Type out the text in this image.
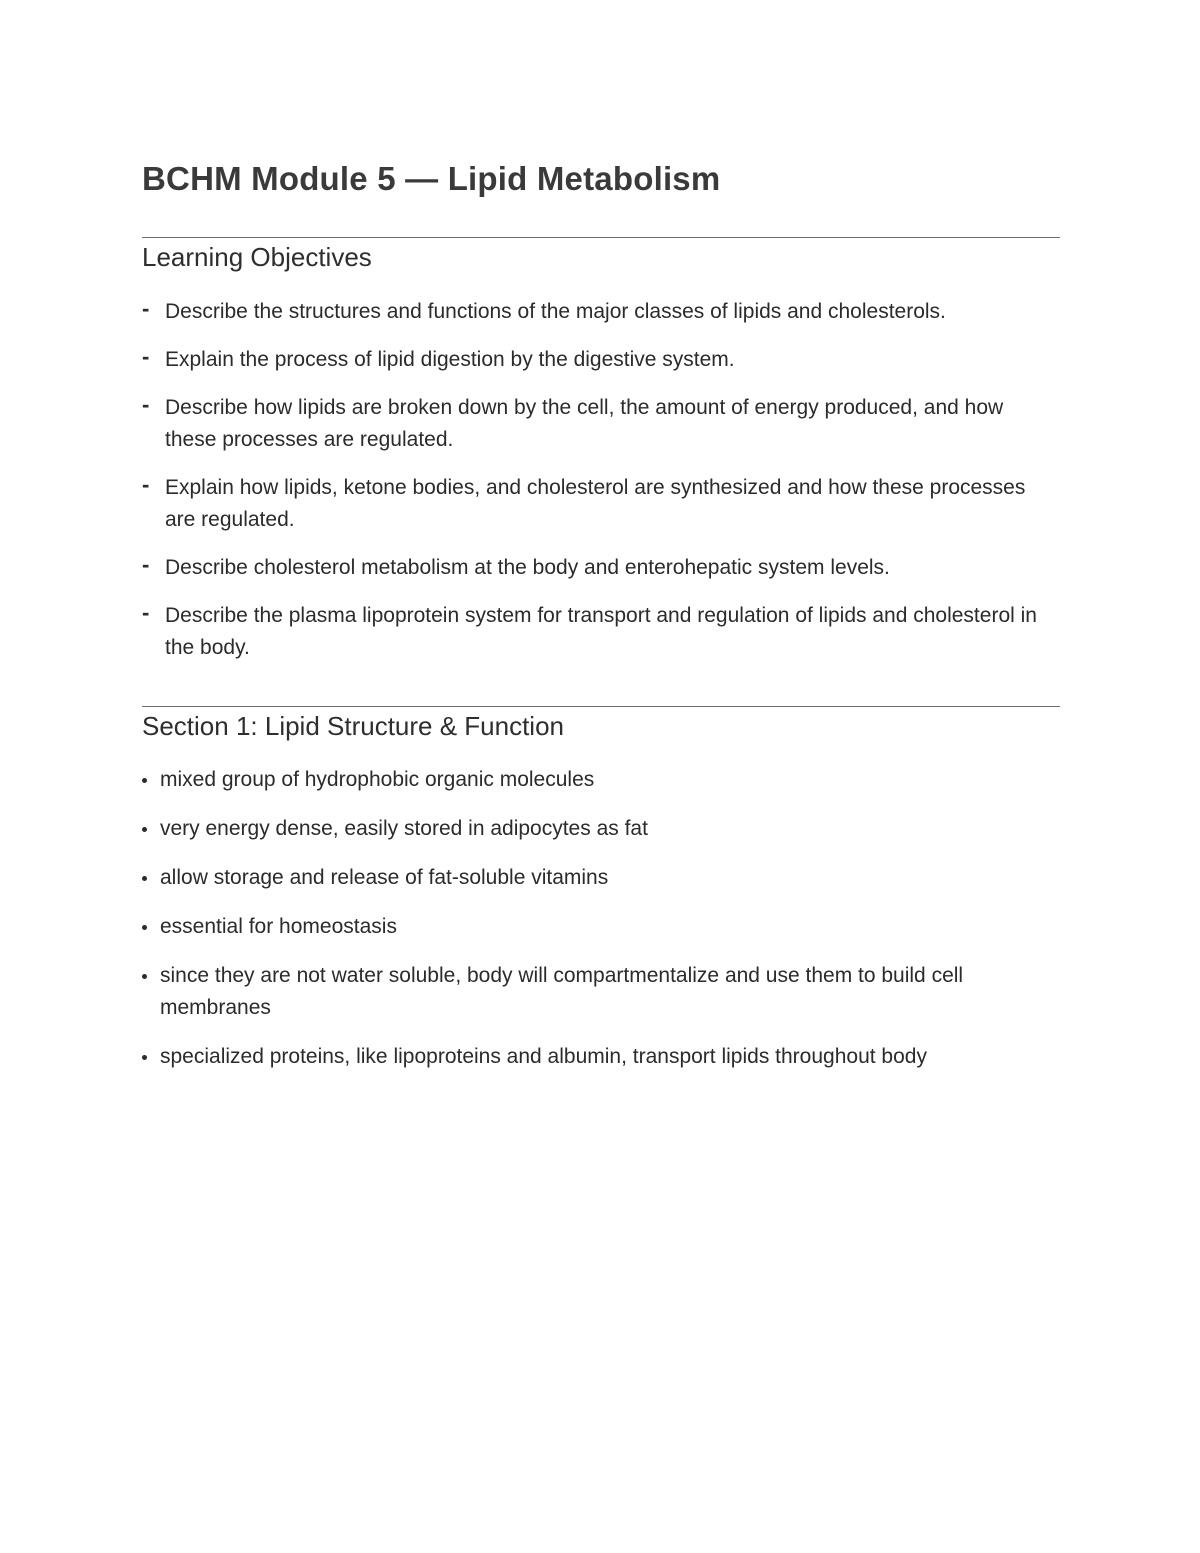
BCHM Module 5 — Lipid Metabolism
Learning Objectives
- Describe the structures and functions of the major classes of lipids and cholesterols.
- Explain the process of lipid digestion by the digestive system.
- Describe how lipids are broken down by the cell, the amount of energy produced, and how these processes are regulated.
- Explain how lipids, ketone bodies, and cholesterol are synthesized and how these processes are regulated.
- Describe cholesterol metabolism at the body and enterohepatic system levels.
- Describe the plasma lipoprotein system for transport and regulation of lipids and cholesterol in the body.
Section 1: Lipid Structure & Function
mixed group of hydrophobic organic molecules
very energy dense, easily stored in adipocytes as fat
allow storage and release of fat-soluble vitamins
essential for homeostasis
since they are not water soluble, body will compartmentalize and use them to build cell membranes
specialized proteins, like lipoproteins and albumin, transport lipids throughout body
